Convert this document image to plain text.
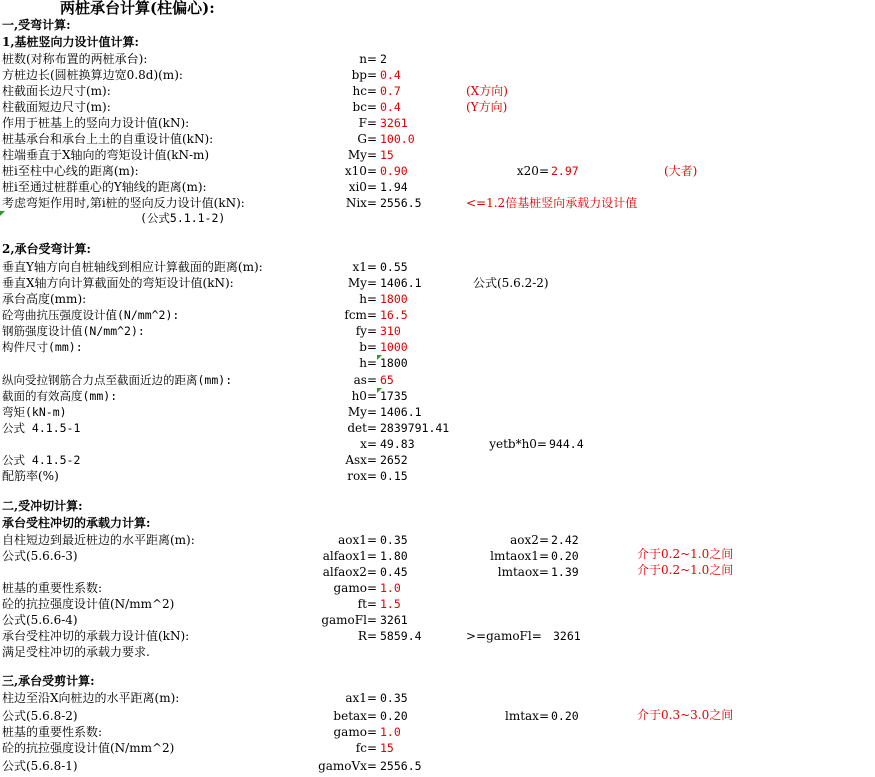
两桩承台计算(柱偏心):
一,受弯计算:
1,基桩竖向力设计值计算:
桩数(对称布置的两桩承台):	n= 2
方桩边长(圆桩换算边宽0.8d)(m):	bp= 0.4
柱截面长边尺寸(m):	hc= 0.7	(X方向)
柱截面短边尺寸(m):	bc= 0.4	(Y方向)
作用于桩基上的竖向力设计值(kN):	F= 3261
桩基承台和承台上土的自重设计值(kN):	G= 100.0
柱端垂直于X轴向的弯矩设计值(kN-m)	My= 15
桩i至柱中心线的距离(m):	x10= 0.90	x20= 2.97	(大者)
桩i至通过桩群重心的Y轴线的距离(m):	xi0= 1.94
考虑弯矩作用时,第i桩的竖向反力设计值(kN):	Nix= 2556.5	<=1.2倍基桩竖向承载力设计值
(公式5.1.1-2)
2,承台受弯计算:
垂直Y轴方向自桩轴线到相应计算截面的距离(m):	x1= 0.55
垂直X轴方向计算截面处的弯矩设计值(kN):	My= 1406.1	公式(5.6.2-2)
承台高度(mm):	h= 1800
砼弯曲抗压强度设计值(N/mm^2):	fcm= 16.5
钢筋强度设计值(N/mm^2):	fy= 310
构件尺寸(mm):	b= 1000
h= 1800
纵向受拉钢筋合力点至截面近边的距离(mm):	as= 65
截面的有效高度(mm):	h0= 1735
弯矩(kN-m)	My= 1406.1
公式 4.1.5-1	det= 2839791.41
x= 49.83	yetb*h0= 944.4
公式 4.1.5-2	Asx= 2652
配筋率(%)	rox= 0.15
二,受冲切计算:
承台受柱冲切的承载力计算:
自柱短边到最近桩边的水平距离(m):	aox1= 0.35	aox2= 2.42
公式(5.6.6-3)	alfaox1= 1.80	lmtaox1= 0.20	介于0.2~1.0之间
alfaox2= 0.45	lmtaox= 1.39	介于0.2~1.0之间
桩基的重要性系数:	gamo= 1.0
砼的抗拉强度设计值(N/mm^2)	ft= 1.5
公式(5.6.6-4)	gamoFl= 3261
承台受柱冲切的承载力设计值(kN):	R= 5859.4	>=gamoFl= 3261
满足受柱冲切的承载力要求.
三,承台受剪计算:
柱边至沿X向桩边的水平距离(m):	ax1= 0.35
公式(5.6.8-2)	betax= 0.20	lmtax= 0.20	介于0.3~3.0之间
桩基的重要性系数:	gamo= 1.0
砼的抗拉强度设计值(N/mm^2)	fc= 15
公式(5.6.8-1)	gamoVx= 2556.5
